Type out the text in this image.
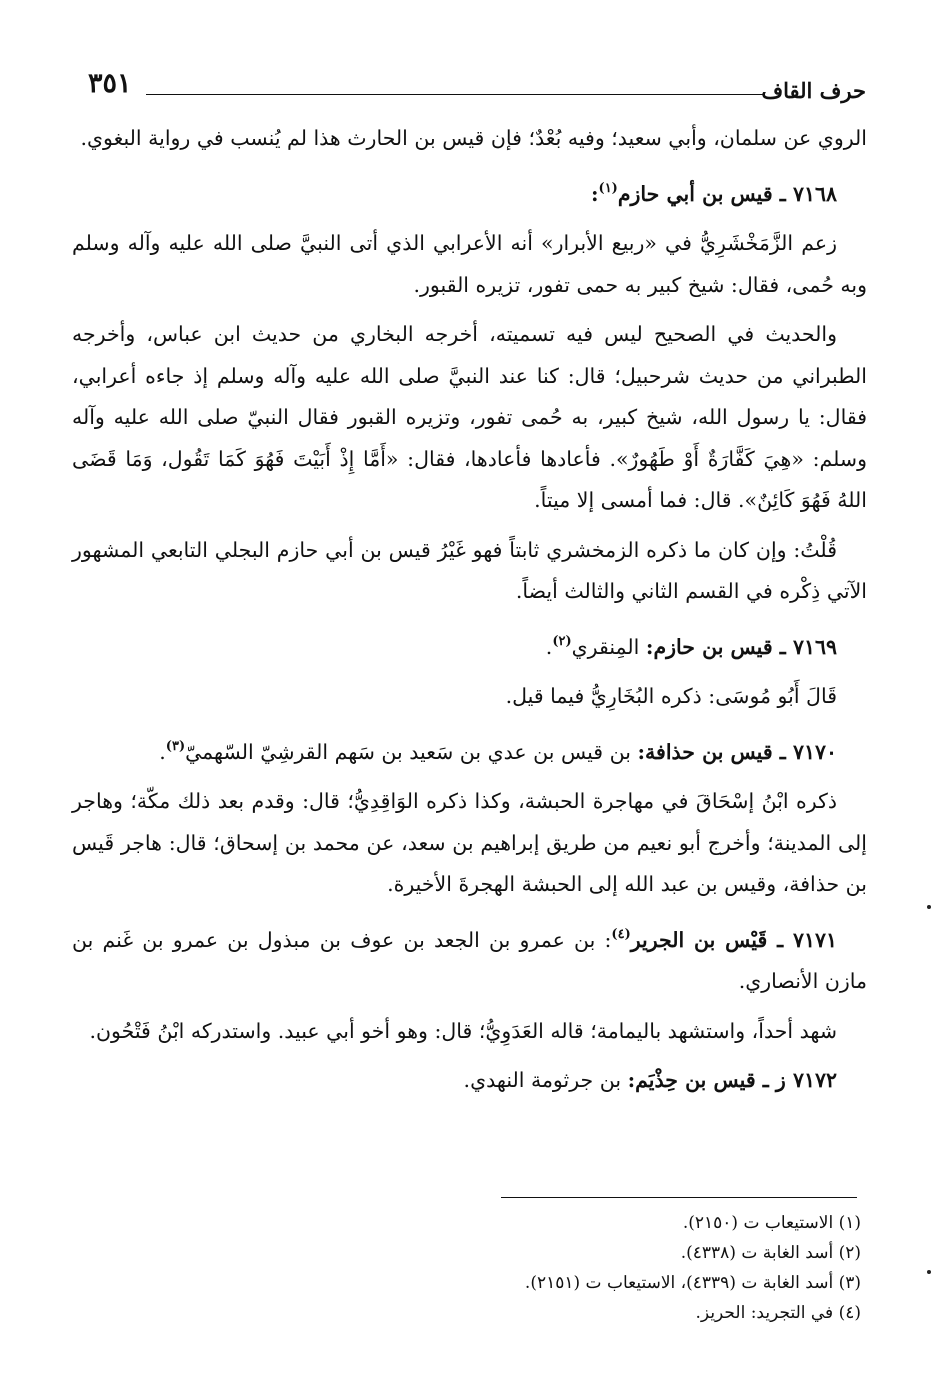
حرف القاف
٣٥١

الروي عن سلمان، وأبي سعيد؛ وفيه بُعْدٌ؛ فإن قيس بن الحارث هذا لم يُنسب في رواية البغوي.

٧١٦٨ ـ قيس بن أبي حازم$^{(١)}$:

زعم الزَّمَخْشَرِيُّ في «ربيع الأبرار» أنه الأعرابي الذي أتى النبيَّ صلى الله عليه وآله وسلم وبه حُمى، فقال: شيخ كبير به حمى تفور، تزيره القبور.

والحديث في الصحيح ليس فيه تسميته، أخرجه البخاري من حديث ابن عباس، وأخرجه الطبراني من حديث شرحبيل؛ قال: كنا عند النبيَّ صلى الله عليه وآله وسلم إذ جاءه أعرابي، فقال: يا رسول الله، شيخ كبير، به حُمى تفور، وتزيره القبور فقال النبيّ صلى الله عليه وآله وسلم: «هِيَ كَفَّارَةٌ أَوْ طَهُورٌ». فأعادها فأعادها، فقال: «أَمَّا إِذْ أَبَيْتَ فَهُوَ كَمَا تَقُول، وَمَا قَضَى اللهُ فَهُوَ كَائِنٌ». قال: فما أمسى إلا ميتاً.

قُلْتُ: وإن كان ما ذكره الزمخشري ثابتاً فهو غَيْرُ قيس بن أبي حازم البجلي التابعي المشهور الآتي ذِكْره في القسم الثاني والثالث أيضاً.

٧١٦٩ ـ قيس بن حازم: المِنقري$^{(٢)}$.

قَالَ أَبُو مُوسَى: ذكره البُخَارِيُّ فيما قيل.

٧١٧٠ ـ قيس بن حذافة: بن قيس بن عدي بن سَعيد بن سَهم القرشِيّ السّهميّ$^{(٣)}$.

ذكره ابْنُ إسْحَاقَ في مهاجرة الحبشة، وكذا ذكره الوَاقِدِيُّ؛ قال: وقدم بعد ذلك مكّة؛ وهاجر إلى المدينة؛ وأخرج أبو نعيم من طريق إبراهيم بن سعد، عن محمد بن إسحاق؛ قال: هاجر قَيس بن حذافة، وقيس بن عبد الله إلى الحبشة الهجرةَ الأخيرة.

٧١٧١ ـ قَيْس بن الجرير$^{(٤)}$: بن عمرو بن الجعد بن عوف بن مبذول بن عمرو بن غَنم بن مازن الأنصاري.

شهد أحداً، واستشهد باليمامة؛ قاله العَدَوِيُّ؛ قال: وهو أخو أبي عبيد. واستدركه ابْنُ فَتْحُون.

٧١٧٢ ز ـ قيس بن حِذْيَم: بن جرثومة النهدي.

(١) الاستيعاب ت (٢١٥٠).

(٢) أسد الغابة ت (٤٣٣٨).

(٣) أسد الغابة ت (٤٣٣٩)، الاستيعاب ت (٢١٥١).

(٤) في التجريد: الحريز.
